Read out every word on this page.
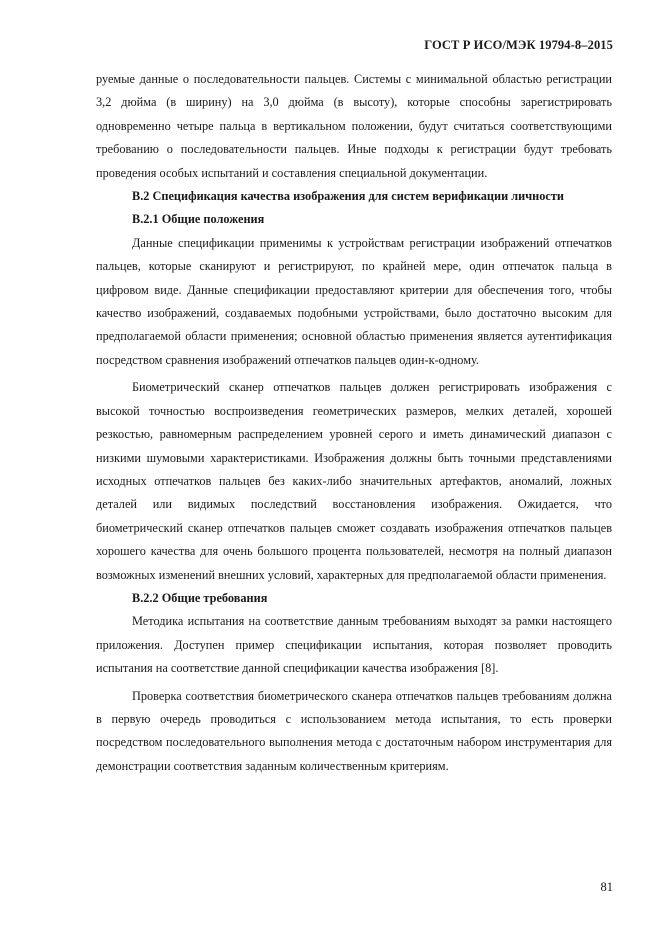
ГОСТ Р ИСО/МЭК 19794-8–2015

руемые данные о последовательности пальцев. Системы с минимальной областью регистрации 3,2 дюйма (в ширину) на 3,0 дюйма (в высоту), которые способны зарегистрировать одновременно четыре пальца в вертикальном положении, будут считаться соответствующими требованию о последовательности пальцев. Иные подходы к регистрации будут требовать проведения особых испытаний и составления специальной документации.

В.2 Спецификация качества изображения для систем верификации личности
В.2.1 Общие положения

Данные спецификации применимы к устройствам регистрации изображений отпечатков пальцев, которые сканируют и регистрируют, по крайней мере, один отпечаток пальца в цифровом виде. Данные спецификации предоставляют критерии для обеспечения того, чтобы качество изображений, создаваемых подобными устройствами, было достаточно высоким для предполагаемой области применения; основной областью применения является аутентификация посредством сравнения изображений отпечатков пальцев один-к-одному.

Биометрический сканер отпечатков пальцев должен регистрировать изображения с высокой точностью воспроизведения геометрических размеров, мелких деталей, хорошей резкостью, равномерным распределением уровней серого и иметь динамический диапазон с низкими шумовыми характеристиками. Изображения должны быть точными представлениями исходных отпечатков пальцев без каких-либо значительных артефактов, аномалий, ложных деталей или видимых последствий восстановления изображения. Ожидается, что биометрический сканер отпечатков пальцев сможет создавать изображения отпечатков пальцев хорошего качества для очень большого процента пользователей, несмотря на полный диапазон возможных изменений внешних условий, характерных для предполагаемой области применения.

В.2.2 Общие требования

Методика испытания на соответствие данным требованиям выходят за рамки настоящего приложения. Доступен пример спецификации испытания, которая позволяет проводить испытания на соответствие данной спецификации качества изображения [8].

Проверка соответствия биометрического сканера отпечатков пальцев требованиям должна в первую очередь проводиться с использованием метода испытания, то есть проверки посредством последовательного выполнения метода с достаточным набором инструментария для демонстрации соответствия заданным количественным критериям.

81
